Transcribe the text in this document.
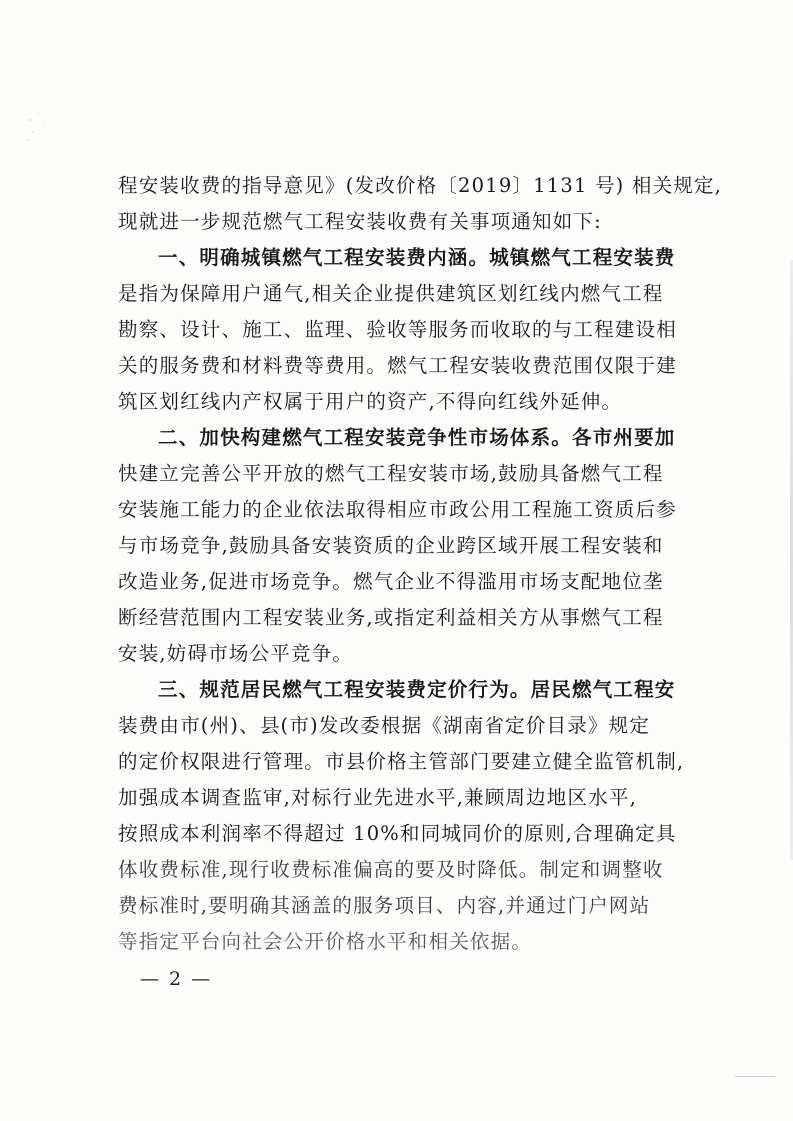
程安装收费的指导意见》(发改价格〔2019〕1131 号) 相关规定,
现就进一步规范燃气工程安装收费有关事项通知如下:
一、明确城镇燃气工程安装费内涵。城镇燃气工程安装费
是指为保障用户通气,相关企业提供建筑区划红线内燃气工程
勘察、设计、施工、监理、验收等服务而收取的与工程建设相
关的服务费和材料费等费用。燃气工程安装收费范围仅限于建
筑区划红线内产权属于用户的资产,不得向红线外延伸。
二、加快构建燃气工程安装竞争性市场体系。各市州要加
快建立完善公平开放的燃气工程安装市场,鼓励具备燃气工程
安装施工能力的企业依法取得相应市政公用工程施工资质后参
与市场竞争,鼓励具备安装资质的企业跨区域开展工程安装和
改造业务,促进市场竞争。燃气企业不得滥用市场支配地位垄
断经营范围内工程安装业务,或指定利益相关方从事燃气工程
安装,妨碍市场公平竞争。
三、规范居民燃气工程安装费定价行为。居民燃气工程安
装费由市(州)、县(市)发改委根据《湖南省定价目录》规定
的定价权限进行管理。市县价格主管部门要建立健全监管机制,
加强成本调查监审,对标行业先进水平,兼顾周边地区水平,
按照成本利润率不得超过 10%和同城同价的原则,合理确定具
体收费标准,现行收费标准偏高的要及时降低。制定和调整收
费标准时,要明确其涵盖的服务项目、内容,并通过门户网站
等指定平台向社会公开价格水平和相关依据。
— 2 —
